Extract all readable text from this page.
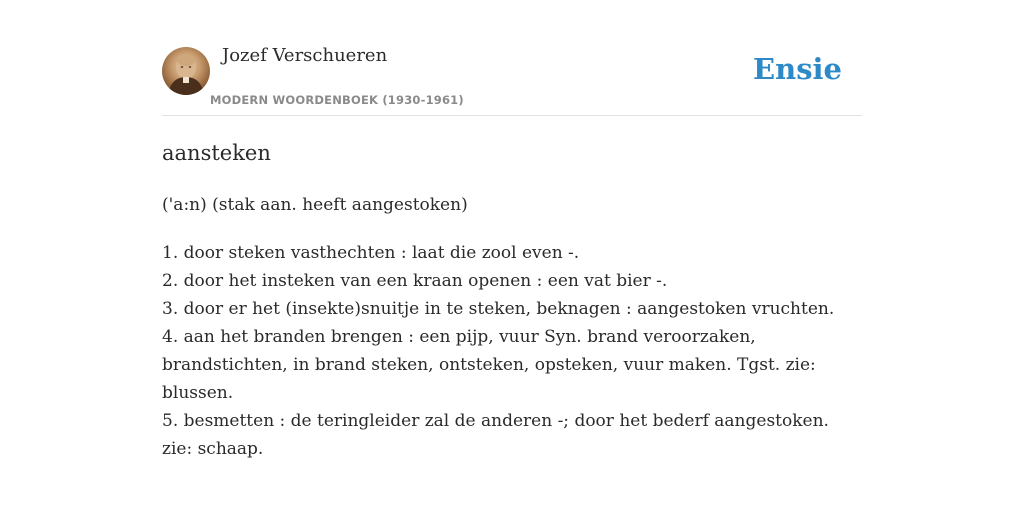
Jozef Verschueren
MODERN WOORDENBOEK (1930-1961)
Ensie
aansteken
('a:n) (stak aan. heeft aangestoken)

1. door steken vasthechten : laat die zool even -.

2. door het insteken van een kraan openen : een vat bier -.

3. door er het (insekte)snuitje in te steken, beknagen : aangestoken vruchten.

4. aan het branden brengen : een pijp, vuur Syn. brand veroorzaken, brandstichten, in brand steken, ontsteken, opsteken, vuur maken. Tgst. zie: blussen.

5. besmetten : de teringleider zal de anderen -; door het bederf aangestoken. zie: schaap.
